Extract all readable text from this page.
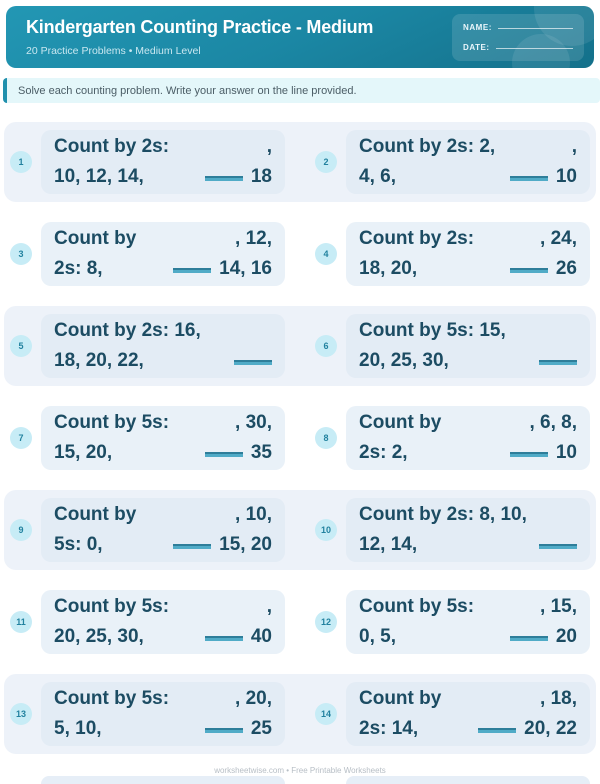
Kindergarten Counting Practice - Medium
20 Practice Problems • Medium Level
NAME:
DATE:
Solve each counting problem. Write your answer on the line provided.
1
Count by 2s:	,
10, 12, 14,	18
2
Count by 2s: 2,	,
4, 6,	10
3
Count by	, 12,
2s: 8,	14, 16
4
Count by 2s:	, 24,
18, 20,	26
5
Count by 2s: 16,
18, 20, 22,
6
Count by 5s: 15,
20, 25, 30,
7
Count by 5s:	, 30,
15, 20,	35
8
Count by	, 6, 8,
2s: 2,	10
9
Count by	, 10,
5s: 0,	15, 20
10
Count by 2s: 8, 10,
12, 14,
11
Count by 5s:	,
20, 25, 30,	40
12
Count by 5s:	, 15,
0, 5,	20
13
Count by 5s:	, 20,
5, 10,	25
14
Count by	, 18,
2s: 14,	20, 22
worksheetwise.com • Free Printable Worksheets
